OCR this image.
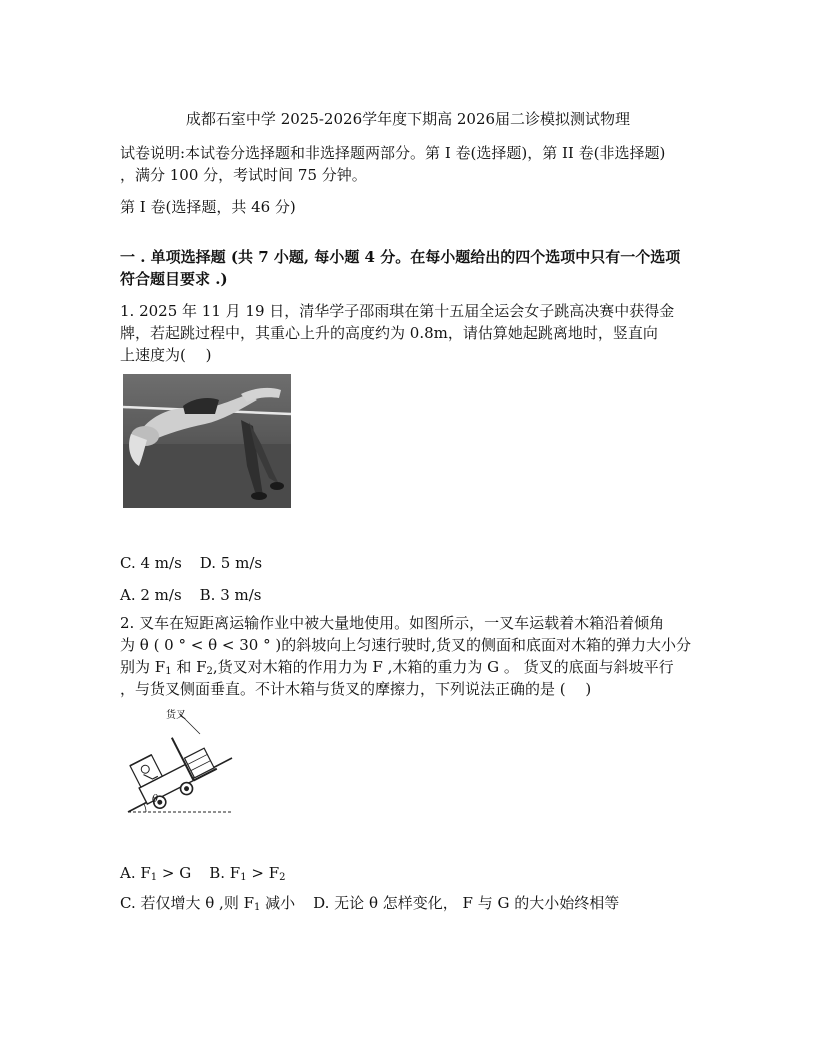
成都石室中学 2025-2026学年度下期高 2026届二诊模拟测试物理
试卷说明:本试卷分选择题和非选择题两部分。第 I 卷(选择题)，第 II 卷(非选择题)
，满分 100 分，考试时间 75 分钟。
第 I 卷(选择题，共 46 分)
一 . 单项选择题 (共 7 小题, 每小题 4 分。在每小题给出的四个选项中只有一个选项
符合题目要求 .)
1. 2025 年 11 月 19 日，清华学子邵雨琪在第十五届全运会女子跳高决赛中获得金
牌，若起跳过程中，其重心上升的高度约为 0.8m，请估算她起跳离地时，竖直向
上速度为(　 )
C. 4 m/s D. 5 m/s
A. 2 m/s B. 3 m/s
2. 叉车在短距离运输作业中被大量地使用。如图所示，一叉车运载着木箱沿着倾角
为 θ ( 0 ° < θ < 30 ° )的斜坡向上匀速行驶时,货叉的侧面和底面对木箱的弹力大小分
别为 $F_1$ 和 $F_2$,货叉对木箱的作用力为 F ,木箱的重力为 G 。 货叉的底面与斜坡平行
，与货叉侧面垂直。不计木箱与货叉的摩擦力，下列说法正确的是 (　 )
货叉
θ
A. $F_1 > G$ B. $F_1 > F_2$
C. 若仅增大 θ ,则 $F_1$ 减小 D. 无论 θ 怎样变化， F 与 G 的大小始终相等
